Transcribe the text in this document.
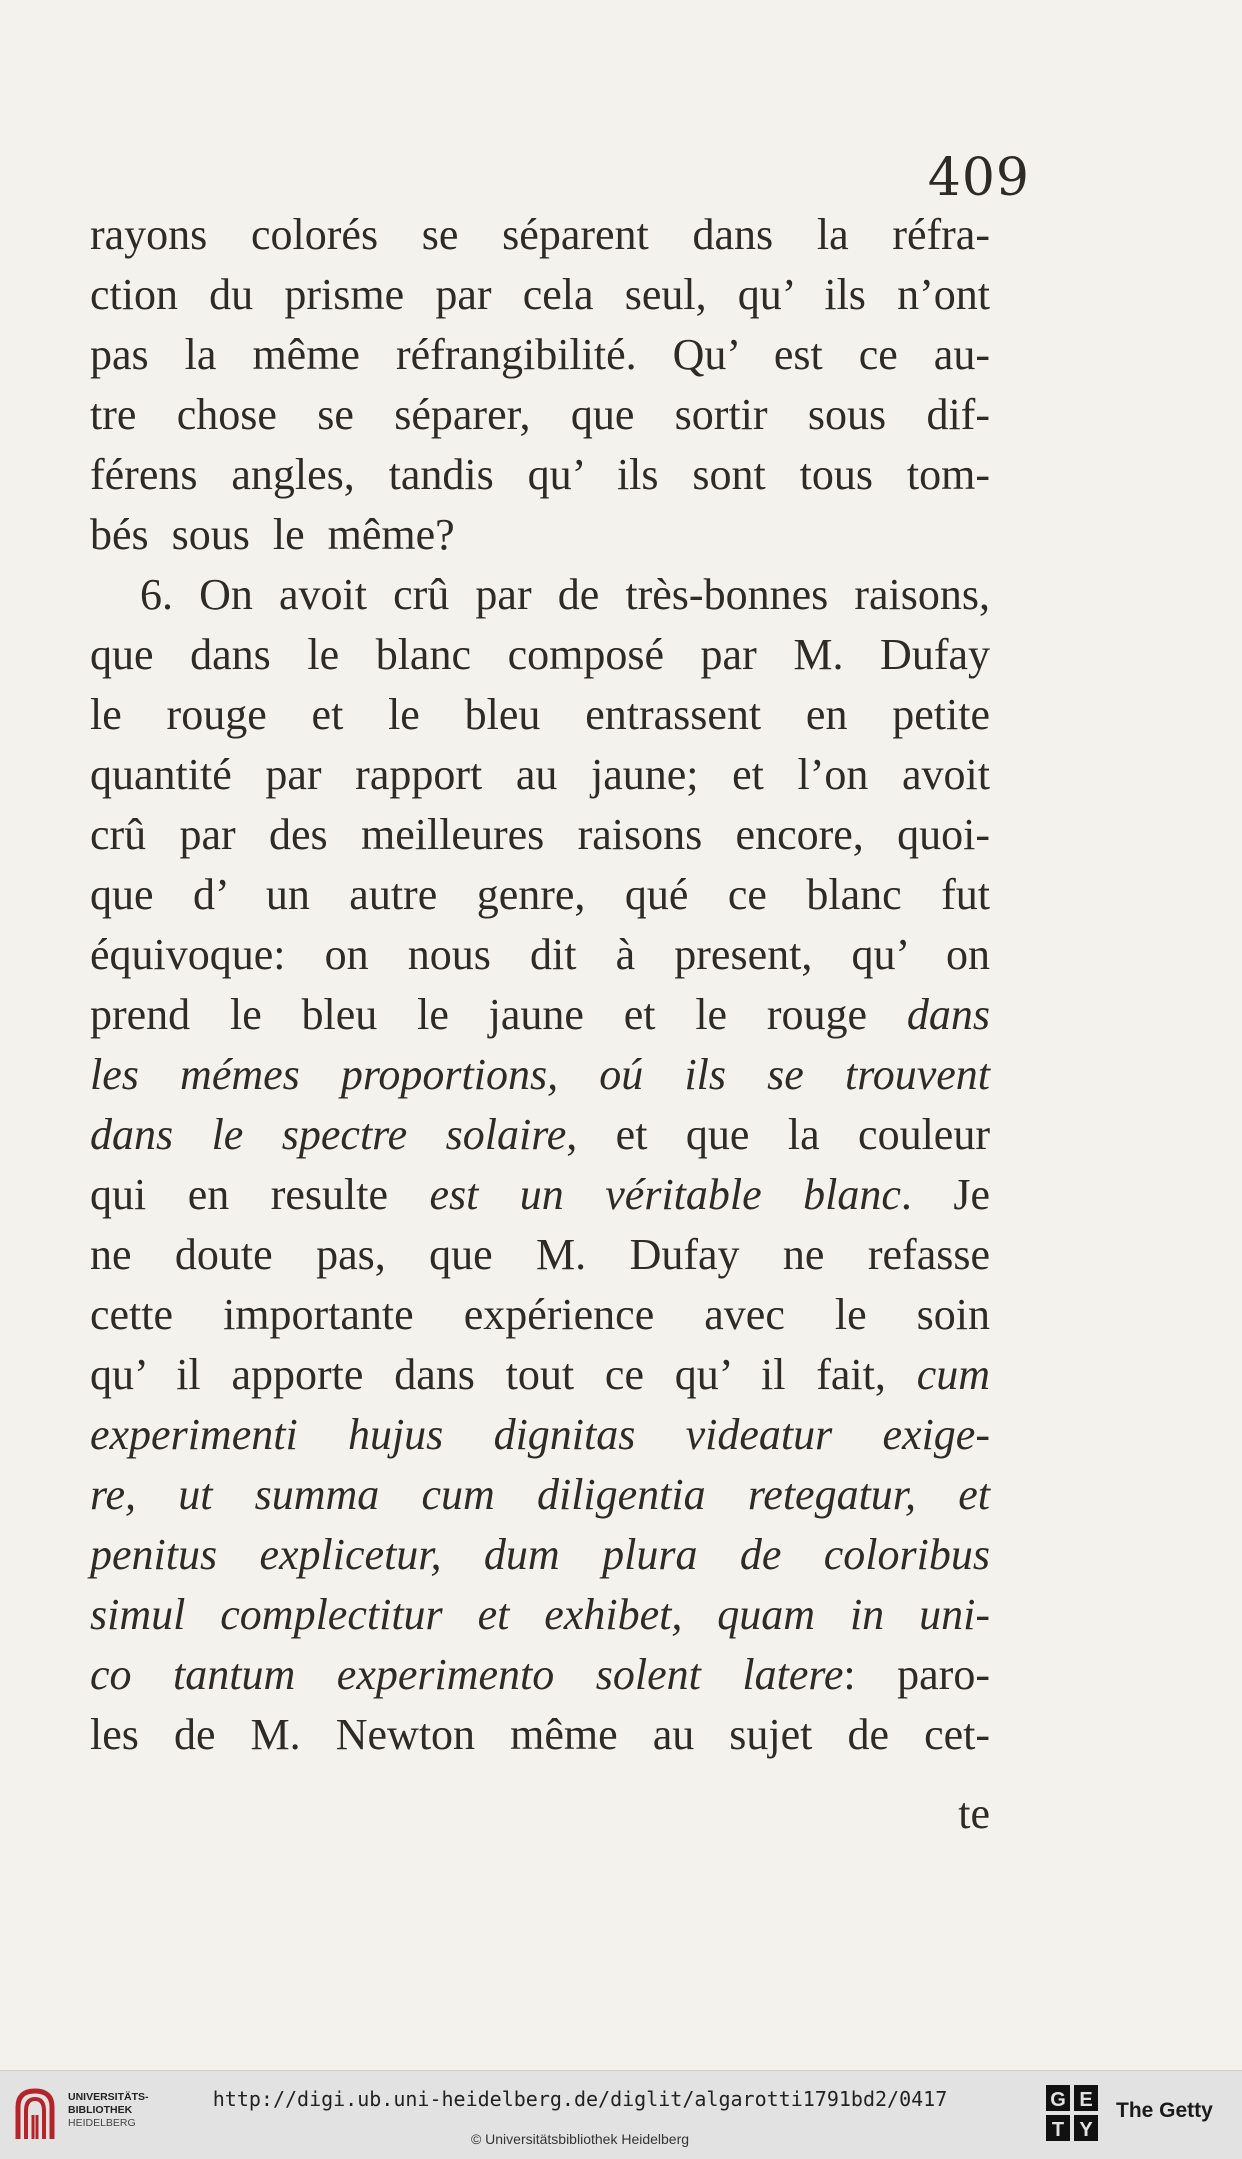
409
rayons colorés se séparent dans la réfra-
ction du prisme par cela seul, qu’ ils n’ont
pas la même réfrangibilité. Qu’ est ce au-
tre chose se séparer, que sortir sous dif-
férens angles, tandis qu’ ils sont tous tom-
bés sous le même?
6. On avoit crû par de très-bonnes raisons,
que dans le blanc composé par M. Dufay
le rouge et le bleu entrassent en petite
quantité par rapport au jaune; et l’on avoit
crû par des meilleures raisons encore, quoi-
que d’ un autre genre, qué ce blanc fut
équivoque: on nous dit à present, qu’ on
prend le bleu le jaune et le rouge dans
les mémes proportions, oú ils se trouvent
dans le spectre solaire, et que la couleur
qui en resulte est un véritable blanc. Je
ne doute pas, que M. Dufay ne refasse
cette importante expérience avec le soin
qu’ il apporte dans tout ce qu’ il fait, cum
experimenti hujus dignitas videatur exige-
re, ut summa cum diligentia retegatur, et
penitus explicetur, dum plura de coloribus
simul complectitur et exhibet, quam in uni-
co tantum experimento solent latere: paro-
les de M. Newton même au sujet de cet-
te
UNIVERSITÄTS-
BIBLIOTHEK
HEIDELBERG
http://digi.ub.uni-heidelberg.de/diglit/algarotti1791bd2/0417
© Universitätsbibliothek Heidelberg
G E
T Y
The Getty
